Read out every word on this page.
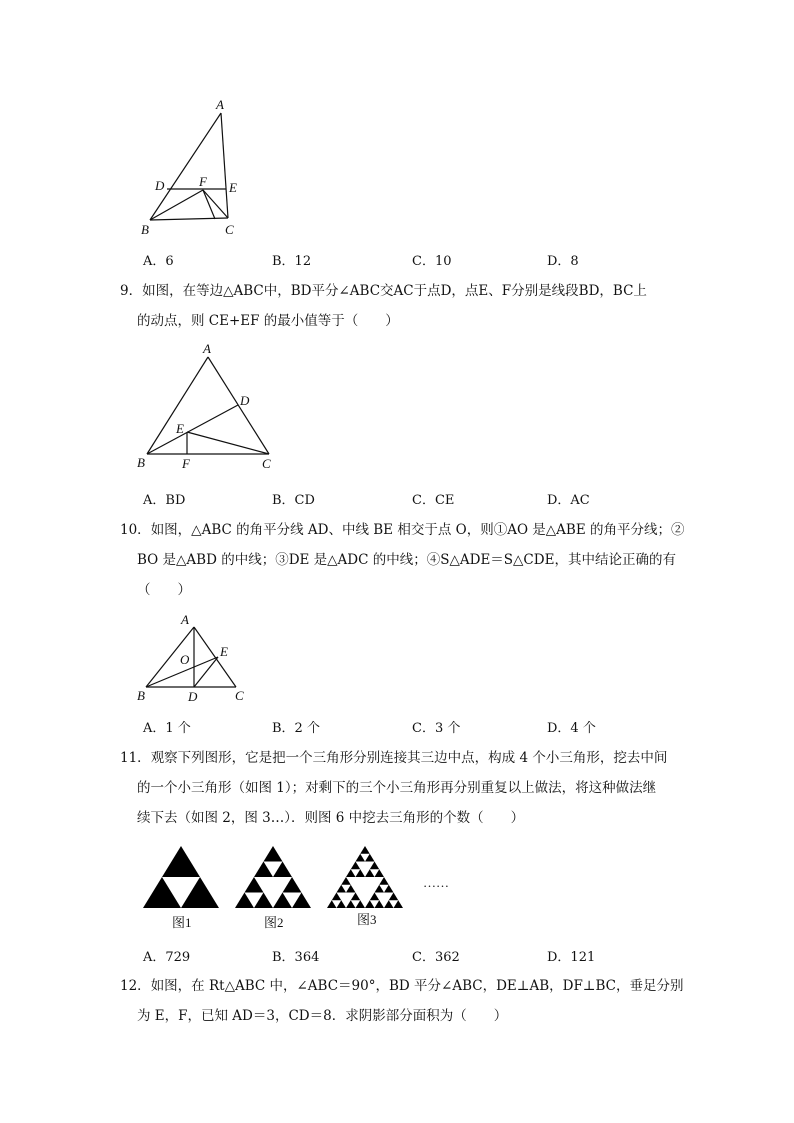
A
D	F E
B	C
A．6	B．12	C．10	D．8
9．如图，在等边△ABC中，BD平分∠ABC交AC于点D，点E、F分别是线段BD，BC上
的动点，则 CE+EF 的最小值等于（　　）
A
D
E
B	F	C
A．BD	B．CD	C．CE	D．AC
10．如图，△ABC 的角平分线 AD、中线 BE 相交于点 O，则①AO 是△ABE 的角平分线；②
BO 是△ABD 的中线；③DE 是△ADC 的中线；④S△ADE＝S△CDE，其中结论正确的有
（　　）
A
O
E
B	D	C
A．1 个	B．2 个	C．3 个	D．4 个
11．观察下列图形，它是把一个三角形分别连接其三边中点，构成 4 个小三角形，挖去中间
的一个小三角形（如图 1）；对剩下的三个小三角形再分别重复以上做法，将这种做法继
续下去（如图 2，图 3…）．则图 6 中挖去三角形的个数（　　）
图1	图2	图3
……
A．729	B．364	C．362	D．121
12．如图，在 Rt△ABC 中，∠ABC＝90°，BD 平分∠ABC，DE⊥AB，DF⊥BC，垂足分别
为 E，F，已知 AD＝3，CD＝8．求阴影部分面积为（　　）
